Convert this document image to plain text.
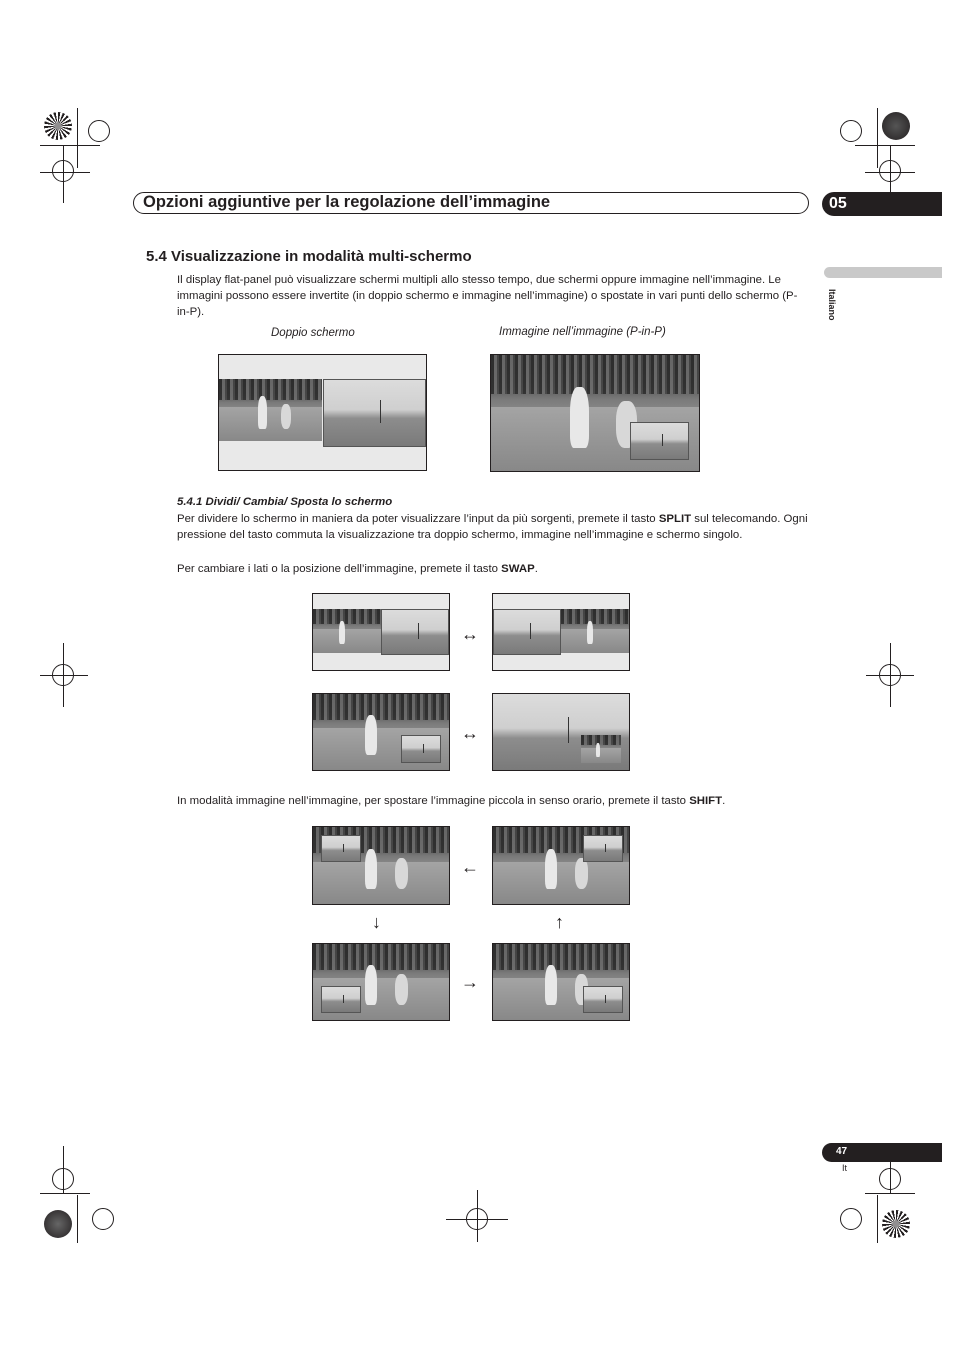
Opzioni aggiuntive per la regolazione dell’immagine	05
Italiano
5.4 Visualizzazione in modalità multi-schermo
Il display flat-panel può visualizzare schermi multipli allo stesso tempo, due schermi oppure immagine nell’immagine. Le immagini possono essere invertite (in doppio schermo e immagine nell’immagine) o spostate in vari punti dello schermo (P-in-P).
Doppio schermo	Immagine nell’immagine (P-in-P)
5.4.1 Dividi/ Cambia/ Sposta lo schermo
Per dividere lo schermo in maniera da poter visualizzare l’input da più sorgenti, premete il tasto SPLIT sul telecomando. Ogni pressione del tasto commuta la visualizzazione tra doppio schermo, immagine nell’immagine e schermo singolo.
Per cambiare i lati o la posizione dell’immagine, premete il tasto SWAP.
↔
↔
In modalità immagine nell’immagine, per spostare l’immagine piccola in senso orario, premete il tasto SHIFT.
←
↓	↑
→
47
It
